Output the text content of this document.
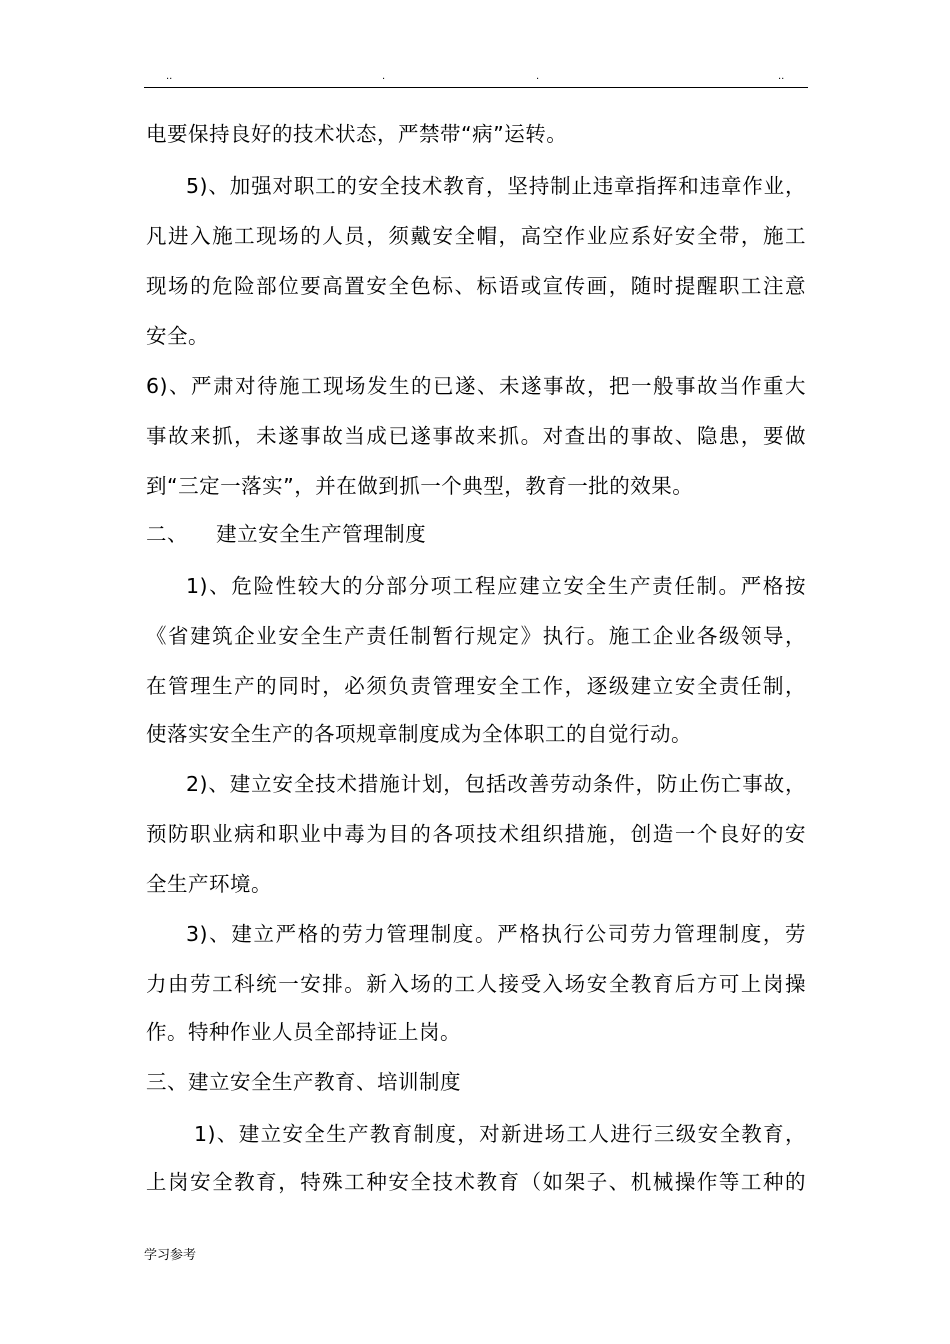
..	.	.	..
电要保持良好的技术状态，严禁带“病”运转。
5)、加强对职工的安全技术教育，坚持制止违章指挥和违章作业，
凡进入施工现场的人员，须戴安全帽，高空作业应系好安全带，施工
现场的危险部位要高置安全色标、标语或宣传画，随时提醒职工注意
安全。
6)、严肃对待施工现场发生的已遂、未遂事故，把一般事故当作重大
事故来抓，未遂事故当成已遂事故来抓。对查出的事故、隐患，要做
到“三定一落实”，并在做到抓一个典型，教育一批的效果。
二、    建立安全生产管理制度
1)、危险性较大的分部分项工程应建立安全生产责任制。严格按
《省建筑企业安全生产责任制暂行规定》执行。施工企业各级领导，
在管理生产的同时，必须负责管理安全工作，逐级建立安全责任制，
使落实安全生产的各项规章制度成为全体职工的自觉行动。
2)、建立安全技术措施计划，包括改善劳动条件，防止伤亡事故，
预防职业病和职业中毒为目的各项技术组织措施，创造一个良好的安
全生产环境。
3)、建立严格的劳力管理制度。严格执行公司劳力管理制度，劳
力由劳工科统一安排。新入场的工人接受入场安全教育后方可上岗操
作。特种作业人员全部持证上岗。
三、建立安全生产教育、培训制度
1)、建立安全生产教育制度，对新进场工人进行三级安全教育，
上岗安全教育，特殊工种安全技术教育（如架子、机械操作等工种的
学习参考
